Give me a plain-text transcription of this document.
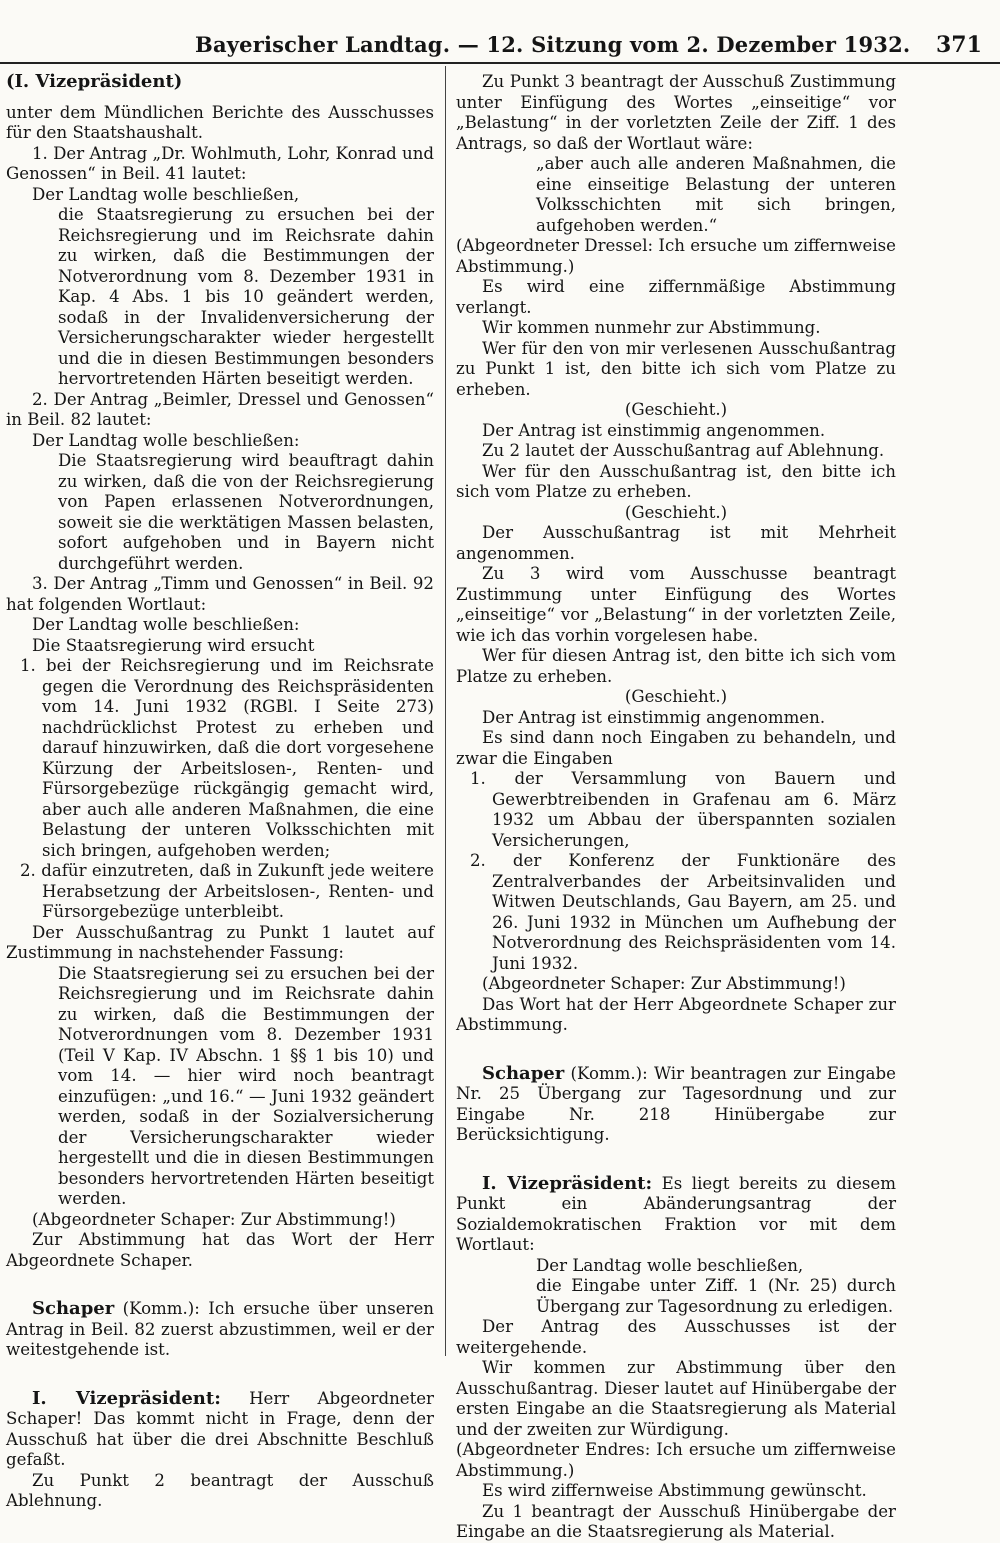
Bayerischer Landtag. — 12. Sitzung vom 2. Dezember 1932. 371

(I. Vizepräsident)

unter dem Mündlichen Berichte des Ausschusses für den Staatshaushalt.

1. Der Antrag „Dr. Wohlmuth, Lohr, Konrad und Genossen“ in Beil. 41 lautet:

Der Landtag wolle beschließen,

die Staatsregierung zu ersuchen bei der Reichsregierung und im Reichsrate dahin zu wirken, daß die Bestimmungen der Notverordnung vom 8. Dezember 1931 in Kap. 4 Abs. 1 bis 10 geändert werden, sodaß in der Invalidenversicherung der Versicherungscharakter wieder hergestellt und die in diesen Bestimmungen besonders hervortretenden Härten beseitigt werden.

2. Der Antrag „Beimler, Dressel und Genossen“ in Beil. 82 lautet:

Der Landtag wolle beschließen:

Die Staatsregierung wird beauftragt dahin zu wirken, daß die von der Reichsregierung von Papen erlassenen Notverordnungen, soweit sie die werktätigen Massen belasten, sofort aufgehoben und in Bayern nicht durchgeführt werden.

3. Der Antrag „Timm und Genossen“ in Beil. 92 hat folgenden Wortlaut:

Der Landtag wolle beschließen:

Die Staatsregierung wird ersucht

1. bei der Reichsregierung und im Reichsrate gegen die Verordnung des Reichspräsidenten vom 14. Juni 1932 (RGBl. I Seite 273) nachdrücklichst Protest zu erheben und darauf hinzuwirken, daß die dort vorgesehene Kürzung der Arbeitslosen-, Renten- und Fürsorgebezüge rückgängig gemacht wird, aber auch alle anderen Maßnahmen, die eine Belastung der unteren Volksschichten mit sich bringen, aufgehoben werden;

2. dafür einzutreten, daß in Zukunft jede weitere Herabsetzung der Arbeitslosen-, Renten- und Fürsorgebezüge unterbleibt.

Der Ausschußantrag zu Punkt 1 lautet auf Zustimmung in nachstehender Fassung:

Die Staatsregierung sei zu ersuchen bei der Reichsregierung und im Reichsrate dahin zu wirken, daß die Bestimmungen der Notverordnungen vom 8. Dezember 1931 (Teil V Kap. IV Abschn. 1 §§ 1 bis 10) und vom 14. — hier wird noch beantragt einzufügen: „und 16.“ — Juni 1932 geändert werden, sodaß in der Sozialversicherung der Versicherungscharakter wieder hergestellt und die in diesen Bestimmungen besonders hervortretenden Härten beseitigt werden.

(Abgeordneter Schaper: Zur Abstimmung!)

Zur Abstimmung hat das Wort der Herr Abgeordnete Schaper.

Schaper (Komm.): Ich ersuche über unseren Antrag in Beil. 82 zuerst abzustimmen, weil er der weitestgehende ist.

I. Vizepräsident: Herr Abgeordneter Schaper! Das kommt nicht in Frage, denn der Ausschuß hat über die drei Abschnitte Beschluß gefaßt.

Zu Punkt 2 beantragt der Ausschuß Ablehnung.

Zu Punkt 3 beantragt der Ausschuß Zustimmung unter Einfügung des Wortes „einseitige“ vor „Belastung“ in der vorletzten Zeile der Ziff. 1 des Antrags, so daß der Wortlaut wäre:

„aber auch alle anderen Maßnahmen, die eine einseitige Belastung der unteren Volksschichten mit sich bringen, aufgehoben werden.“

(Abgeordneter Dressel: Ich ersuche um ziffernweise Abstimmung.)

Es wird eine ziffernmäßige Abstimmung verlangt.

Wir kommen nunmehr zur Abstimmung.

Wer für den von mir verlesenen Ausschußantrag zu Punkt 1 ist, den bitte ich sich vom Platze zu erheben.

(Geschieht.)

Der Antrag ist einstimmig angenommen.

Zu 2 lautet der Ausschußantrag auf Ablehnung.

Wer für den Ausschußantrag ist, den bitte ich sich vom Platze zu erheben.

(Geschieht.)

Der Ausschußantrag ist mit Mehrheit angenommen.

Zu 3 wird vom Ausschusse beantragt Zustimmung unter Einfügung des Wortes „einseitige“ vor „Belastung“ in der vorletzten Zeile, wie ich das vorhin vorgelesen habe.

Wer für diesen Antrag ist, den bitte ich sich vom Platze zu erheben.

(Geschieht.)

Der Antrag ist einstimmig angenommen.

Es sind dann noch Eingaben zu behandeln, und zwar die Eingaben

1. der Versammlung von Bauern und Gewerbtreibenden in Grafenau am 6. März 1932 um Abbau der überspannten sozialen Versicherungen,

2. der Konferenz der Funktionäre des Zentralverbandes der Arbeitsinvaliden und Witwen Deutschlands, Gau Bayern, am 25. und 26. Juni 1932 in München um Aufhebung der Notverordnung des Reichspräsidenten vom 14. Juni 1932.

(Abgeordneter Schaper: Zur Abstimmung!)

Das Wort hat der Herr Abgeordnete Schaper zur Abstimmung.

Schaper (Komm.): Wir beantragen zur Eingabe Nr. 25 Übergang zur Tagesordnung und zur Eingabe Nr. 218 Hinübergabe zur Berücksichtigung.

I. Vizepräsident: Es liegt bereits zu diesem Punkt ein Abänderungsantrag der Sozialdemokratischen Fraktion vor mit dem Wortlaut:

Der Landtag wolle beschließen,

die Eingabe unter Ziff. 1 (Nr. 25) durch Übergang zur Tagesordnung zu erledigen.

Der Antrag des Ausschusses ist der weitergehende.

Wir kommen zur Abstimmung über den Ausschußantrag. Dieser lautet auf Hinübergabe der ersten Eingabe an die Staatsregierung als Material und der zweiten zur Würdigung.

(Abgeordneter Endres: Ich ersuche um ziffernweise Abstimmung.)

Es wird ziffernweise Abstimmung gewünscht.

Zu 1 beantragt der Ausschuß Hinübergabe der Eingabe an die Staatsregierung als Material.
